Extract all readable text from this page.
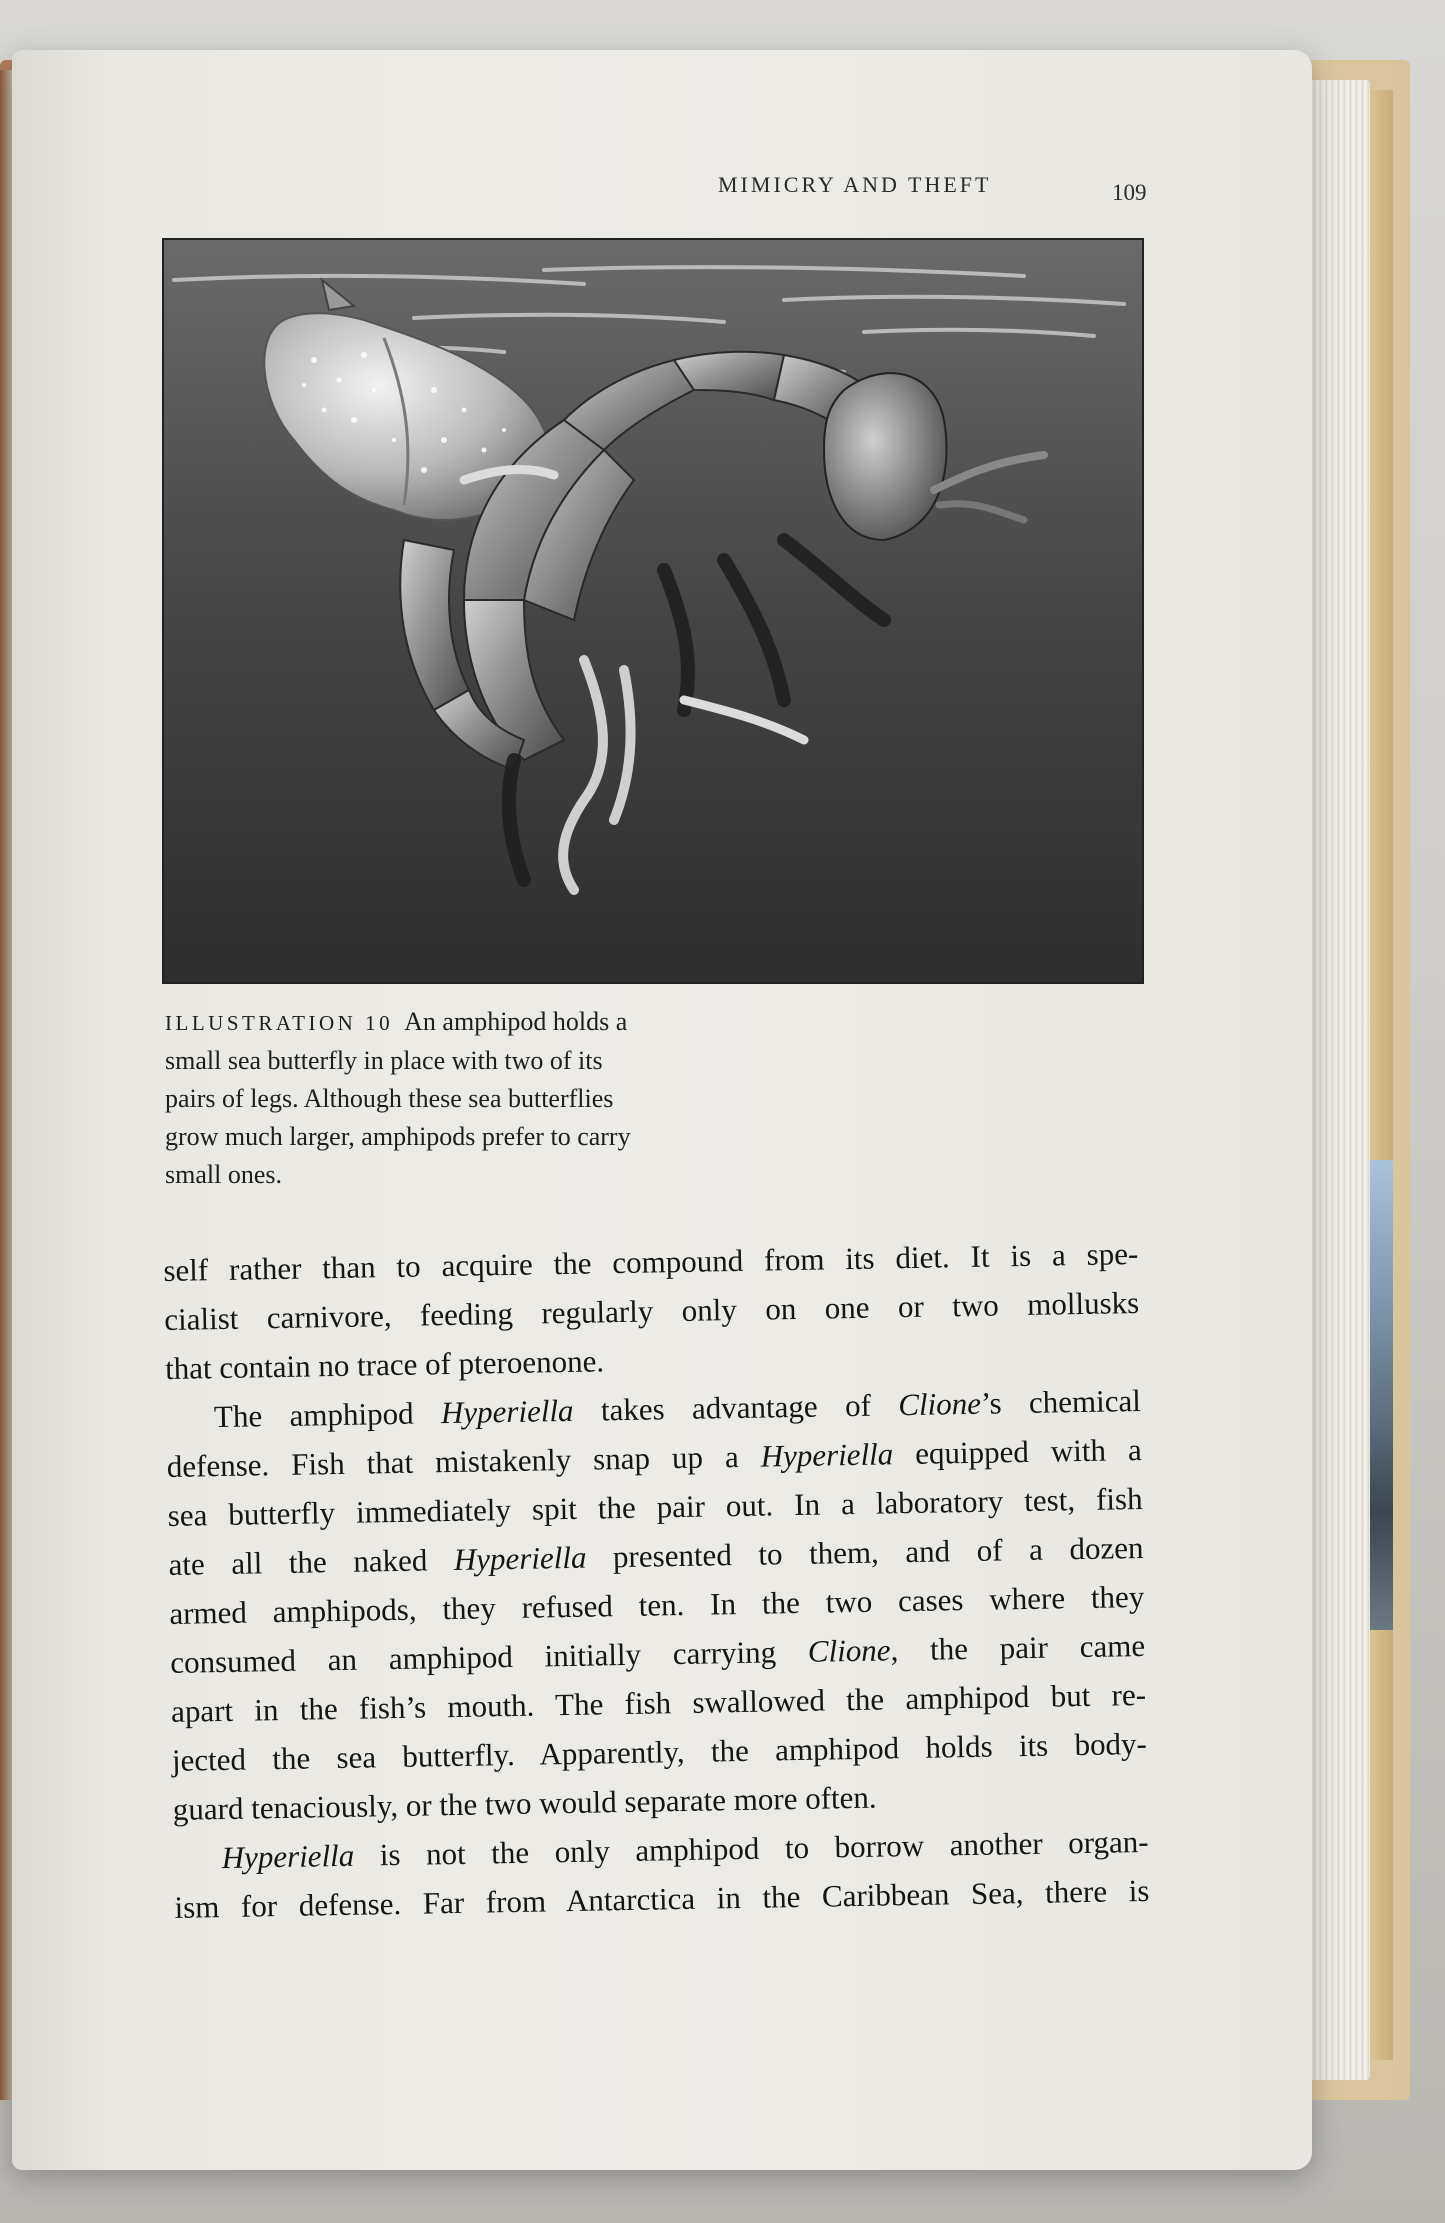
MIMICRY AND THEFT	109
ILLUSTRATION 10 An amphipod holds a
small sea butterfly in place with two of its
pairs of legs. Although these sea butterflies
grow much larger, amphipods prefer to carry
small ones.
self rather than to acquire the compound from its diet. It is a spe-
cialist carnivore, feeding regularly only on one or two mollusks
that contain no trace of pteroenone.
The amphipod Hyperiella takes advantage of Clione’s chemical
defense. Fish that mistakenly snap up a Hyperiella equipped with a
sea butterfly immediately spit the pair out. In a laboratory test, fish
ate all the naked Hyperiella presented to them, and of a dozen
armed amphipods, they refused ten. In the two cases where they
consumed an amphipod initially carrying Clione, the pair came
apart in the fish’s mouth. The fish swallowed the amphipod but re-
jected the sea butterfly. Apparently, the amphipod holds its body-
guard tenaciously, or the two would separate more often.
Hyperiella is not the only amphipod to borrow another organ-
ism for defense. Far from Antarctica in the Caribbean Sea, there is
